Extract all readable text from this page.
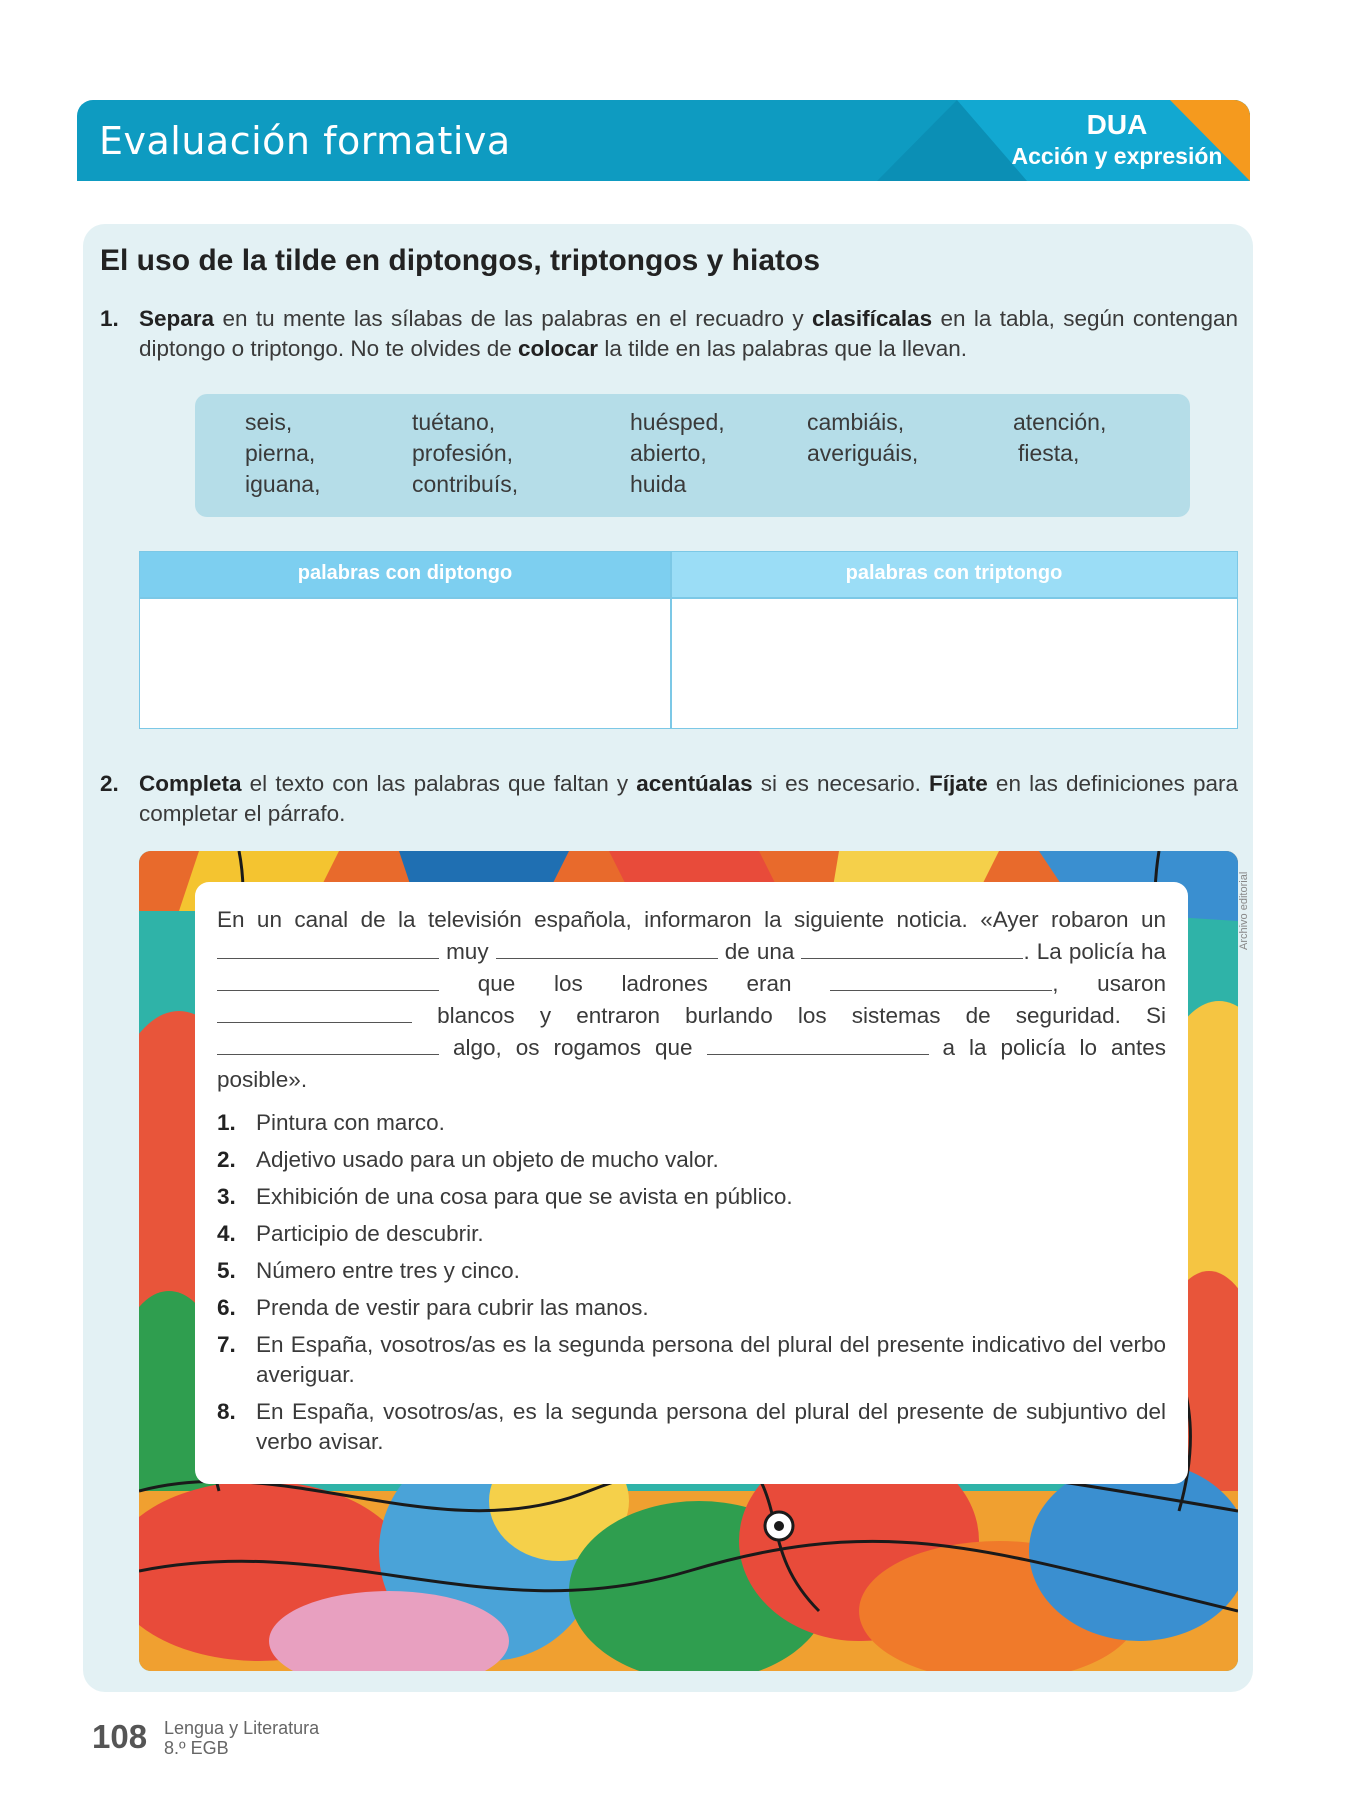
Evaluación formativa	DUA
Acción y expresión
El uso de la tilde en diptongos, triptongos y hiatos
1. Separa en tu mente las sílabas de las palabras en el recuadro y clasifícalas en la tabla, según contengan diptongo o triptongo. No te olvides de colocar la tilde en las palabras que la llevan.
seis,	tuétano,	huésped,	cambiáis,	atención,
pierna,	profesión,	abierto,	averiguáis,	fiesta,
iguana,	contribuís,	huida
palabras con diptongo	palabras con triptongo
2. Completa el texto con las palabras que faltan y acentúalas si es necesario. Fíjate en las definiciones para completar el párrafo.
Archivo editorial
En un canal de la televisión española, informaron la siguiente noticia. «Ayer robaron un  muy	de una	. La policía ha  que los ladrones eran	, usaron  blancos y entraron burlando los sistemas de seguridad. Si  algo, os rogamos que	a la policía lo antes posible».
1. Pintura con marco.
2. Adjetivo usado para un objeto de mucho valor.
3. Exhibición de una cosa para que se avista en público.
4. Participio de descubrir.
5. Número entre tres y cinco.
6. Prenda de vestir para cubrir las manos.
7. En España, vosotros/as es la segunda persona del plural del presente indicativo del verbo averiguar.
8. En España, vosotros/as, es la segunda persona del plural del presente de subjuntivo del verbo avisar.
108 Lengua y Literatura
8.º EGB
